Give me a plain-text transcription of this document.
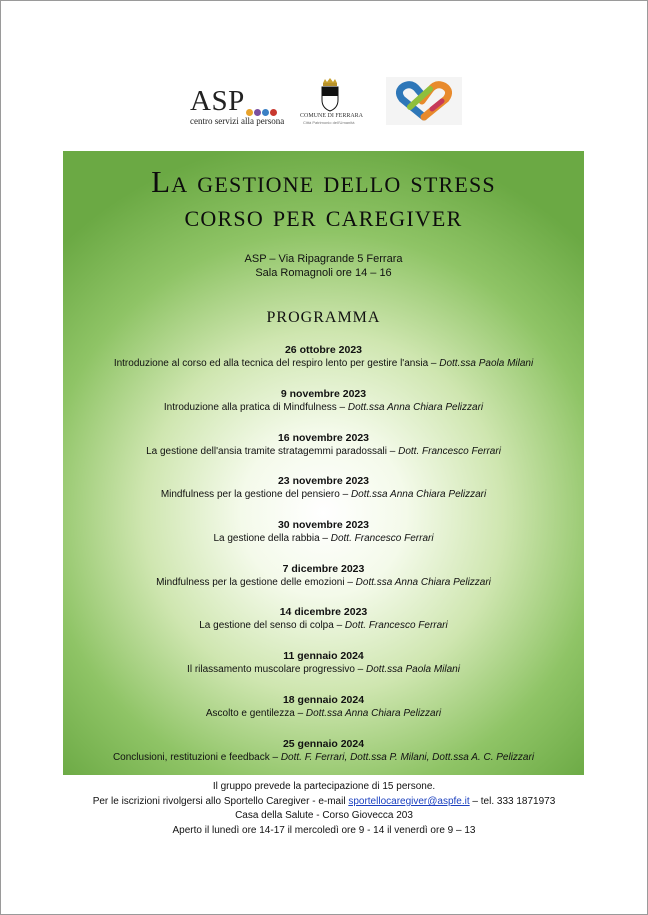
ASP
centro servizi alla persona	COMUNE DI FERRARA
Città Patrimonio dell'Umanità
La gestione dello stress
corso per caregiver

ASP – Via Ripagrande 5 Ferrara

Sala Romagnoli ore 14 – 16

PROGRAMMA
26 ottobre 2023
Introduzione al corso ed alla tecnica del respiro lento per gestire l'ansia – Dott.ssa Paola Milani
9 novembre 2023
Introduzione alla pratica di Mindfulness – Dott.ssa Anna Chiara Pelizzari
16 novembre 2023
La gestione dell'ansia tramite stratagemmi paradossali – Dott. Francesco Ferrari
23 novembre 2023
Mindfulness per la gestione del pensiero – Dott.ssa Anna Chiara Pelizzari
30 novembre 2023
La gestione della rabbia – Dott. Francesco Ferrari
7 dicembre 2023
Mindfulness per la gestione delle emozioni – Dott.ssa Anna Chiara Pelizzari
14 dicembre 2023
La gestione del senso di colpa – Dott. Francesco Ferrari
11 gennaio 2024
Il rilassamento muscolare progressivo – Dott.ssa Paola Milani
18 gennaio 2024
Ascolto e gentilezza – Dott.ssa Anna Chiara Pelizzari
25 gennaio 2024
Conclusioni, restituzioni e feedback – Dott. F. Ferrari, Dott.ssa P. Milani, Dott.ssa A. C. Pelizzari

Il gruppo prevede la partecipazione di 15 persone.

Per le iscrizioni rivolgersi allo Sportello Caregiver - e-mail sportellocaregiver@aspfe.it – tel. 333 1871973

Casa della Salute - Corso Giovecca 203

Aperto il lunedì ore 14-17 il mercoledì ore 9 - 14 il venerdì ore 9 – 13
